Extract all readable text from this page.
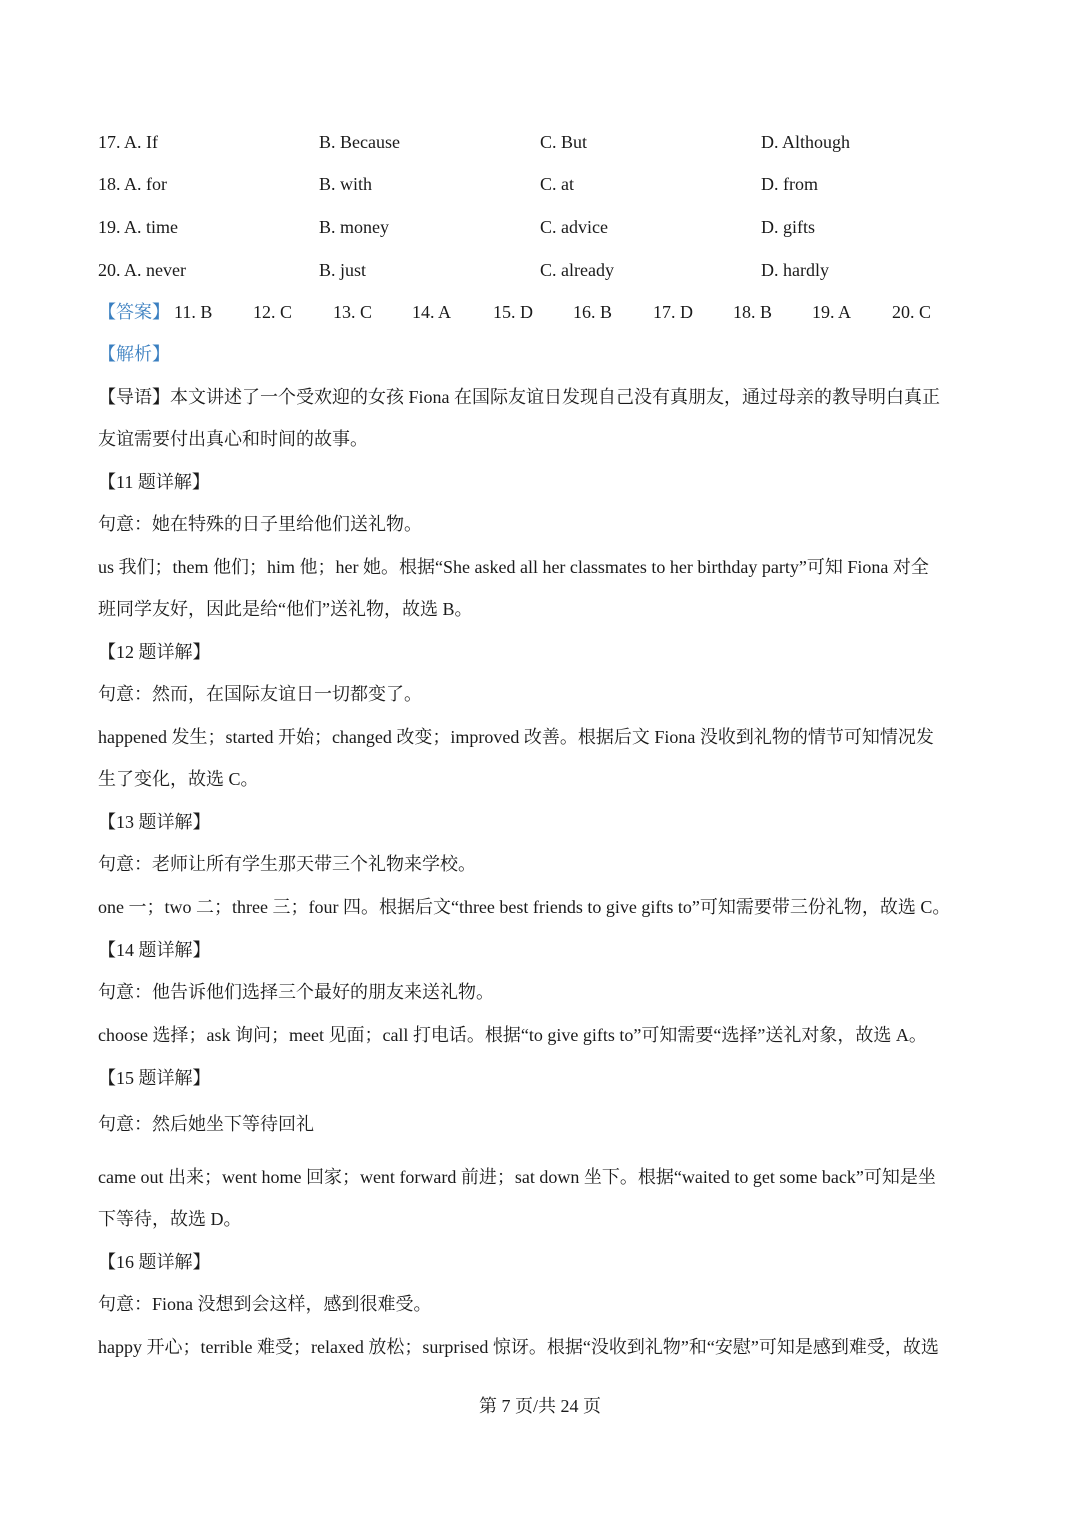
17. A. If	B. Because	C. But	D. Although
18. A. for	B. with	C. at	D. from
19. A. time	B. money	C. advice	D. gifts
20. A. never	B. just	C. already	D. hardly
【答案】 11. B 12. C 13. C 14. A 15. D 16. B 17. D 18. B 19. A 20. C
【解析】
【导语】本文讲述了一个受欢迎的女孩 Fiona 在国际友谊日发现自己没有真朋友，通过母亲的教导明白真正
友谊需要付出真心和时间的故事。
【11 题详解】
句意：她在特殊的日子里给他们送礼物。
us 我们；them 他们；him 他；her 她。根据“She asked all her classmates to her birthday party”可知 Fiona 对全
班同学友好，因此是给“他们”送礼物，故选 B。
【12 题详解】
句意：然而，在国际友谊日一切都变了。
happened 发生；started 开始；changed 改变；improved 改善。根据后文 Fiona 没收到礼物的情节可知情况发
生了变化，故选 C。
【13 题详解】
句意：老师让所有学生那天带三个礼物来学校。
one 一；two 二；three 三；four 四。根据后文“three best friends to give gifts to”可知需要带三份礼物，故选 C。
【14 题详解】
句意：他告诉他们选择三个最好的朋友来送礼物。
choose 选择；ask 询问；meet 见面；call 打电话。根据“to give gifts to”可知需要“选择”送礼对象，故选 A。
【15 题详解】
句意：然后她坐下等待回礼
came out 出来；went home 回家；went forward 前进；sat down 坐下。根据“waited to get some back”可知是坐
下等待，故选 D。
【16 题详解】
句意：Fiona 没想到会这样，感到很难受。
happy 开心；terrible 难受；relaxed 放松；surprised 惊讶。根据“没收到礼物”和“安慰”可知是感到难受，故选
第 7 页/共 24 页
